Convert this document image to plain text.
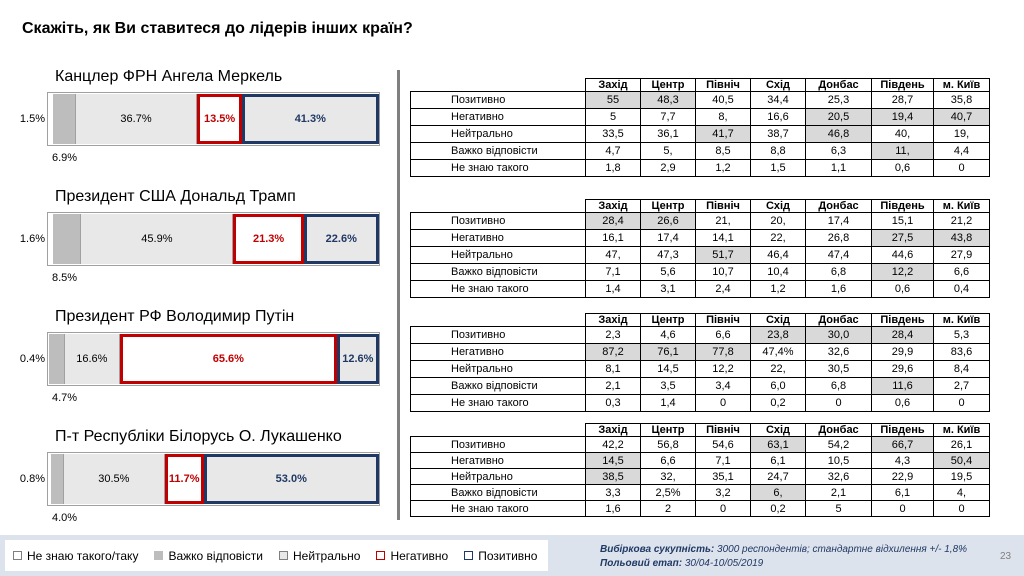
Скажіть, як Ви ставитеся до лідерів інших країн?
Канцлер ФРН Ангела Меркель
1.5%
6.9%
36.7%	13.5%	41.3%
Президент США Дональд Трамп
1.6%
8.5%
45.9%	21.3%	22.6%
Президент РФ Володимир Путін
0.4%
4.7%
16.6%	65.6%	12.6%
П-т Республіки Білорусь О. Лукашенко
0.8%
4.0%
30.5%	11.7%	53.0%
	Захід	Центр	Північ	Схід	Донбас	Південь	м. Київ
Позитивно	55	48,3	40,5	34,4	25,3	28,7	35,8
Негативно	5	7,7	8,	16,6	20,5	19,4	40,7
Нейтрально	33,5	36,1	41,7	38,7	46,8	40,	19,
Важко відповісти	4,7	5,	8,5	8,8	6,3	11,	4,4
Не знаю такого	1,8	2,9	1,2	1,5	1,1	0,6	0
	Захід	Центр	Північ	Схід	Донбас	Південь	м. Київ
Позитивно	28,4	26,6	21,	20,	17,4	15,1	21,2
Негативно	16,1	17,4	14,1	22,	26,8	27,5	43,8
Нейтрально	47,	47,3	51,7	46,4	47,4	44,6	27,9
Важко відповісти	7,1	5,6	10,7	10,4	6,8	12,2	6,6
Не знаю такого	1,4	3,1	2,4	1,2	1,6	0,6	0,4
	Захід	Центр	Північ	Схід	Донбас	Південь	м. Київ
Позитивно	2,3	4,6	6,6	23,8	30,0	28,4	5,3
Негативно	87,2	76,1	77,8	47,4%	32,6	29,9	83,6
Нейтрально	8,1	14,5	12,2	22,	30,5	29,6	8,4
Важко відповісти	2,1	3,5	3,4	6,0	6,8	11,6	2,7
Не знаю такого	0,3	1,4	0	0,2	0	0,6	0
	Захід	Центр	Північ	Схід	Донбас	Південь	м. Київ
Позитивно	42,2	56,8	54,6	63,1	54,2	66,7	26,1
Негативно	14,5	6,6	7,1	6,1	10,5	4,3	50,4
Нейтрально	38,5	32,	35,1	24,7	32,6	22,9	19,5
Важко відповісти	3,3	2,5%	3,2	6,	2,1	6,1	4,
Не знаю такого	1,6	2	0	0,2	5	0	0
Не знаю такого/таку	Важко відповісти	Нейтрально	Негативно	Позитивно	Вибіркова сукупність: 3000 респондентів; стандартне відхилення +/- 1,8%
Польовий етап: 30/04-10/05/2019
23
